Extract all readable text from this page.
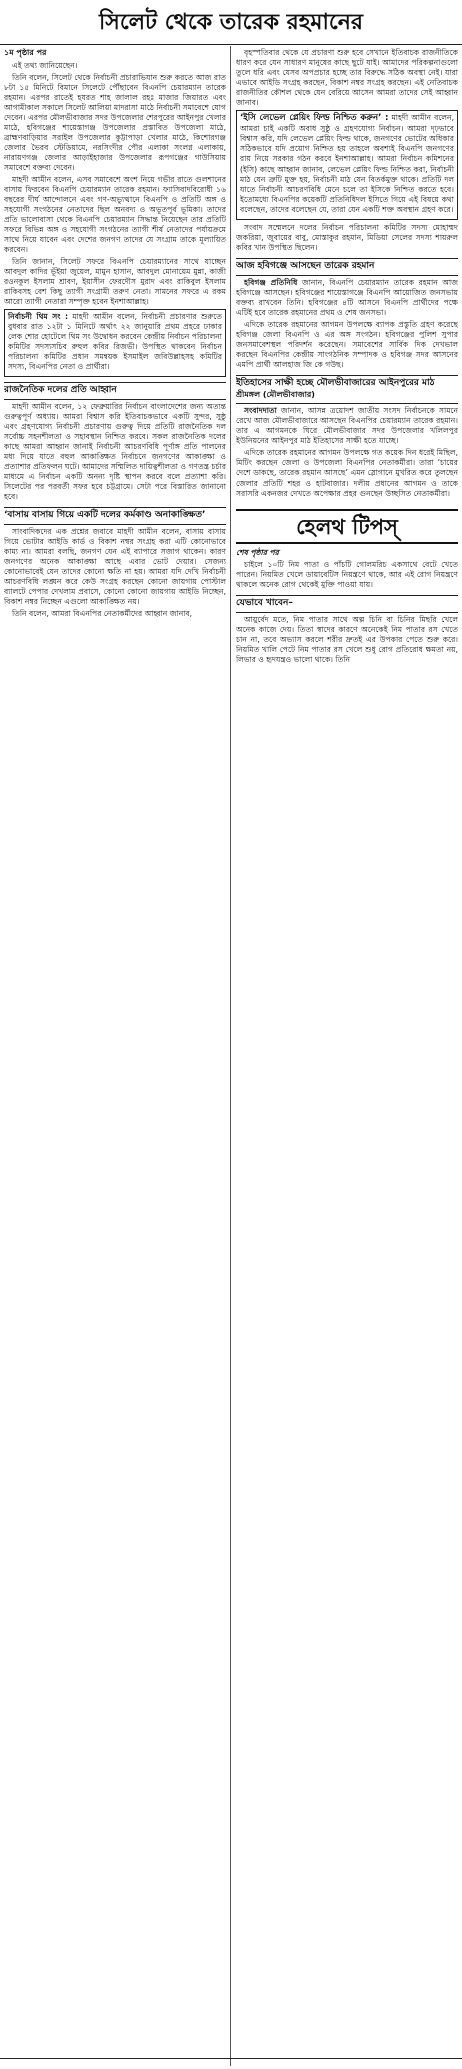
সিলেট থেকে তারেক রহমানের
১ম পৃষ্ঠার পর

এই তথ্য জানিয়েছেন।

তিনি বলেন, সিলেট থেকে নির্বাচনী প্রচারাভিযান শুরু করতে আজ রাত ৮টা ১৫ মিনিটে বিমানে সিলেটে পৌঁছাবেন বিএনপি চেয়ারম্যান তারেক রহমান। এরপর রাতেই হযরত শাহ জালাল রহঃ মাজার জিয়ারত এবং আগামীকাল সকালে সিলেট আলিয়া মাদরাসা মাঠে নির্বাচনী সমাবেশে যোগ দেবেন। এরপর মৌলভীবাজার সদর উপজেলার শেরপুরের আইনপুর খেলার মাঠে, হবিগঞ্জের শায়েস্তাগঞ্জ উপজেলার প্রস্তাবিত উপজেলা মাঠে, ব্রাহ্মণবাড়িয়ার সরাইল উপজেলার কুট্টাপাড়া খেলার মাঠে, কিশোরগঞ্জ জেলার ভৈরব স্টেডিয়ামে, নরসিংদীর পৌর এলাকা সংলগ্ন এলাকায়, নারায়ণগঞ্জ জেলার আড়াইহাজার উপজেলার রূপগঞ্জের গাউসিয়ায় সমাবেশে বক্তব্য দেবেন।

মাহদী আমীন বলেন, এসব সমাবেশে অংশ নিয়ে গভীর রাতে গুলশানের বাসায় ফিরবেন বিএনপি চেয়ারম্যান তারেক রহমান। ফ্যাসিবাদবিরোধী ১৬ বছরের দীর্ঘ আন্দোলনে এবং গণ-অভ্যুত্থানে বিএনপি ও প্রতিটি অঙ্গ ও সহযোগী সংগঠনের নেতাদের ছিল অনবদ্য ও অভূতপূর্ব ভূমিকা। তাদের প্রতি ভালোবাসা থেকে বিএনপি চেয়ারম্যান সিদ্ধান্ত নিয়েছেন তার প্রতিটি সফরে বিভিন্ন অঙ্গ ও সহযোগী সংগঠনের ত্যাগী শীর্ষ নেতাদের পর্যায়ক্রমে সাথে নিয়ে যাবেন এবং দেশের জনগণ তাদের যে সংগ্রাম তাকে মূল্যায়িত করবেন।

তিনি জানান, সিলেট সফরে বিএনপি চেয়ারম্যানের সাথে যাচ্ছেন আবদুল কাদির ভূঁইয়া জুয়েল, মামুন হাসান, আবদুল মোনায়েম মুন্না, কাজী রওনকুল ইসলাম শ্রাবণ, ইয়াসীন ফেরদৌস মুরাদ এবং রাকিবুল ইসলাম রাকিবসহ বেশ কিছু ত্যাগী সংগ্রামী তরুণ নেতা। সামনের সফরে এ রকম আরো ত্যাগী নেতারা সম্পৃক্ত হবেন ইনশাআল্লাহ।

নির্বাচনী থিম সং : মাহদী আমীন বলেন, নির্বাচনী প্রচারণার শুরুতে বুধবার রাত ১২টা ১ মিনিটে অর্থাৎ ২২ জানুয়ারি প্রথম প্রহরে ঢাকার লেক শোর হোটেলে থিম সং উদ্বোধন করবেন কেন্দ্রীয় নির্বাচন পরিচালনা কমিটির সদস্যসচিব রুহুল কবির রিজভী। উপস্থিত থাকবেন নির্বাচন পরিচালনা কমিটির প্রধান সমন্বয়ক ইসমাইল জবিউল্লাহসহ কমিটির সদস্য, বিএনপির নেতা ও প্রার্থীরা।

রাজনৈতিক দলের প্রতি আহ্বান

মাহদী আমীন বলেন, ১২ ফেব্রুয়ারির নির্বাচন বাংলাদেশের জন্য অত্যন্ত গুরুত্বপূর্ণ অধ্যায়। আমরা বিশ্বাস করি ইতিবাচকভাবে একটি সুন্দর, সুষ্ঠু এবং গ্রহণযোগ্য নির্বাচনী প্রচারণায় গুরুত্ব দিয়ে প্রতিটি রাজনৈতিক দল সর্বোচ্চ সহনশীলতা ও সহাবস্থান নিশ্চিত করবে। সকল রাজনৈতিক দলের কাছে আমরা আহ্বান জানাই নির্বাচনী আচরণবিধি পূর্ণাঙ্গ প্রতি পালনের মধ্য দিয়ে যাতে বহুল আকাঙ্ক্ষিত নির্বাচনে জনগণের আকাঙ্ক্ষা ও প্রত্যাশার প্রতিফলন ঘটে। আমাদের সম্মিলিত দায়িত্বশীলতা ও গণতন্ত্র চর্চার মাধ্যমে এ নির্বাচন একটি অনন্য দৃষ্টি স্থাপন করবে বলে প্রত্যাশা করি। সিলেটের পর পরবর্তী সফর হবে চট্টগ্রামে। সেটা পরে বিস্তারিত জানানো হবে।

‘বাসায় বাসায় গিয়ে একটি দলের কর্মকাণ্ড অনাকাঙ্ক্ষিত’

সাংবাদিকদের এক প্রশ্নের জবাবে মাহদী আমীন বলেন, বাসায় বাসায় গিয়ে ভোটার আইডি কার্ড ও বিকাশ নম্বর সংগ্রহ করা এটি কোনোভাবে কাম্য না। আমরা বলছি, জনগণ যেন এই ব্যাপারে সজাগ থাকেন। কারণ জনগণের অনেক আকাঙ্ক্ষা আছে এবার ভোট দেয়ার। সেজন্য কোনোভাবেই যেন তাদের কোনো ক্ষতি না হয়। আমরা যদি দেখি নির্বাচনী আচরণবিধি লঙ্ঘন করে কেউ সংগ্রহ করছেন কোনো জায়গায় পোস্টাল ব্যালটে পেপার দেখলাম প্রবাসে, কোনো কোনো জায়গায় আইডি নিচ্ছেন, বিকাশ নম্বর নিচ্ছেন এগুলো আকাঙ্ক্ষিত নয়।

তিনি বলেন, আমরা বিএনপির নেতাকর্মীদের আহ্বান জানাব,

বৃহস্পতিবার থেকে যে প্রচারণা শুরু হবে সেখানে ইতিবাচক রাজনীতিকে ধারণ করে যেন সাধারণ মানুষের কাছে ছুটে যাই। আমাদের পরিকল্পনাগুলো তুলে ধরি এবং যেসব অপপ্রচার হচ্ছে তার বিরুদ্ধে সঠিক অবস্থা নেই। যারা এভাবে আইডি সংগ্রহ করছেন, বিকাশ নম্বর সংগ্রহ করছেন। এই নেতিবাচক রাজনীতির কৌশল থেকে যেন বেরিয়ে আসেন আমরা তাদের সেই আহ্বান জানাব।

‘ইসি লেভেল প্লেয়িং ফিল্ড নিশ্চিত করুন’ : মাহদী আমীন বলেন, আমরা চাই একটি অবাধ সুষ্ঠু ও গ্রহণযোগ্য নির্বাচন। আমরা দৃঢ়ভাবে বিশ্বাস করি, যদি লেভেল প্লেয়িং ফিল্ড থাকে, জনগণের ভোটের অধিকার সঠিকভাবে যদি প্রয়োগ নিশ্চিত হয় তাহলে অবশ্যই বিএনপি জনগণের রায় নিয়ে সরকার গঠন করবে ইনশাআল্লাহ। আমরা নির্বাচন কমিশনের (ইসি) কাছে আহ্বান জানাব, লেভেল প্লেয়িং ফিল্ড নিশ্চিত করা, নির্বাচনী মাঠ যেন ত্রুটি মুক্ত হয়, নির্বাচনী মাঠ যেন বিতর্কমুক্ত থাকে। প্রতিটি দল যাতে নির্বাচনী আচরণবিধি মেনে চলে তা ইসিকে নিশ্চিত করতে হবে। ইতোমধ্যে বিএনপির কয়েকটি প্রতিনিধিদল ইসিতে গিয়ে এই বিষয়ে কথা বলেছেন, তাদের বলেছেন যে, তারা যেন একটি শক্ত অবস্থান গ্রহণ করে।

সংবাদ সম্মেলনে দলের নির্বাচন পরিচালনা কমিটির সদস্য মোহাম্মদ জকরিয়া, জুবায়ের বাবু, মোস্তাকুর রহমান, মিডিয়া সেলের সদস্য শায়রুল কবির খান উপস্থিত ছিলেন।

আজ হবিগঞ্জে আসছেন তারেক রহমান

হবিগঞ্জ প্রতিনিধি জানান, বিএনপি চেয়ারম্যান তারেক রহমান আজ হবিগঞ্জে আসছেন। হবিগঞ্জের শায়েস্তাগঞ্জে বিএনপি আয়োজিত জনসভায় বক্তব্য রাখবেন তিনি। হবিগঞ্জের ৪টি আসনে বিএনপি প্রার্থীদের পক্ষে এটিই হবে তারেক রহমানের প্রথম ও শেষ জনসভা।

এদিকে তারেক রহমানের আগমন উপলক্ষে ব্যাপক প্রস্তুতি গ্রহণ করেছে হবিগঞ্জ জেলা বিএনপি ও এর অঙ্গ সংগঠন। হবিগঞ্জের পুলিশ সুপার জনসমাবেশস্থল পরিদর্শন করেছেন। সমাবেশের সার্বিক দিক দেখভাল করছেন বিএনপির কেন্দ্রীয় সাংগঠনিক সম্পাদক ও হবিগঞ্জ সদর আসনের এমপি প্রার্থী আলহাজ জি কে গউছ।

ইতিহাসের সাক্ষী হচ্ছে মৌলভীবাজারের আইনপুরের মাঠ
শ্রীমঙ্গল (মৌলভীবাজার)

সংবাদদাতা জানান, আসন্ন ত্রয়োদশ জাতীয় সংসদ নির্বাচনকে সামনে রেখে আজ মৌলভীবাজারে আসছেন বিএনপির চেয়ারম্যান তারেক রহমান। তার এ আগমনকে ঘিরে মৌলভীবাজার সদর উপজেলার খলিলপুর ইউনিয়নের আইনপুর মাঠ ইতিহাসের সাক্ষী হতে যাচ্ছে।

এদিকে তারেক রহমানের আগমন উপলক্ষে গত কয়েক দিন ধরেই মিছিল, মিটিং করছেন জেলা ও উপজেলা বিএনপির নেতাকর্মীরা। তারা ‘চায়ের দেশে ডাকছে, তারেক রহমান আসছে’ এমন স্লোগানে মুখরিত করে তুলছেন জেলার প্রতিটি শহর ও হাটবাজার। দলীয় প্রধানের আগমন ও তাকে সরাসরি একনজর দেখতে অপেক্ষার প্রহর গুনছেন উচ্ছসিত নেতাকর্মীরা।

হেলথ টিপস্
শেষ পৃষ্ঠার পর

চাইলে ১০টি নিম পাতা ও পাঁচটি গোলমরিচ একসাথে বেটে খেতে পারেন। নিয়মিত খেলে ডায়াবেটিস নিয়ন্ত্রণে থাকে, আর এই রোগ নিয়ন্ত্রণে থাকলে অনেক রোগ থেকেই মুক্তি পাওয়া যায়।

যেভাবে খাবেন–

আয়ুর্বেদ মতে, নিম পাতার সাথে অল্প চিনি বা চিনির মিছরি খেলে অনেক কাজে দেয়। তিতা স্বাদের কারণে অনেকেই নিম পাতার রস খেতে চান না, তবে অভ্যাস করলে শরীর দ্রুতই এর উপকার পেতে শুরু করে। নিয়মিত খালি পেটে নিম পাতার রস খেলে শুধু রোগ প্রতিরোধ ক্ষমতা নয়, লিভার ও হৃদযন্ত্রও ভালো থাকে। তিনি
